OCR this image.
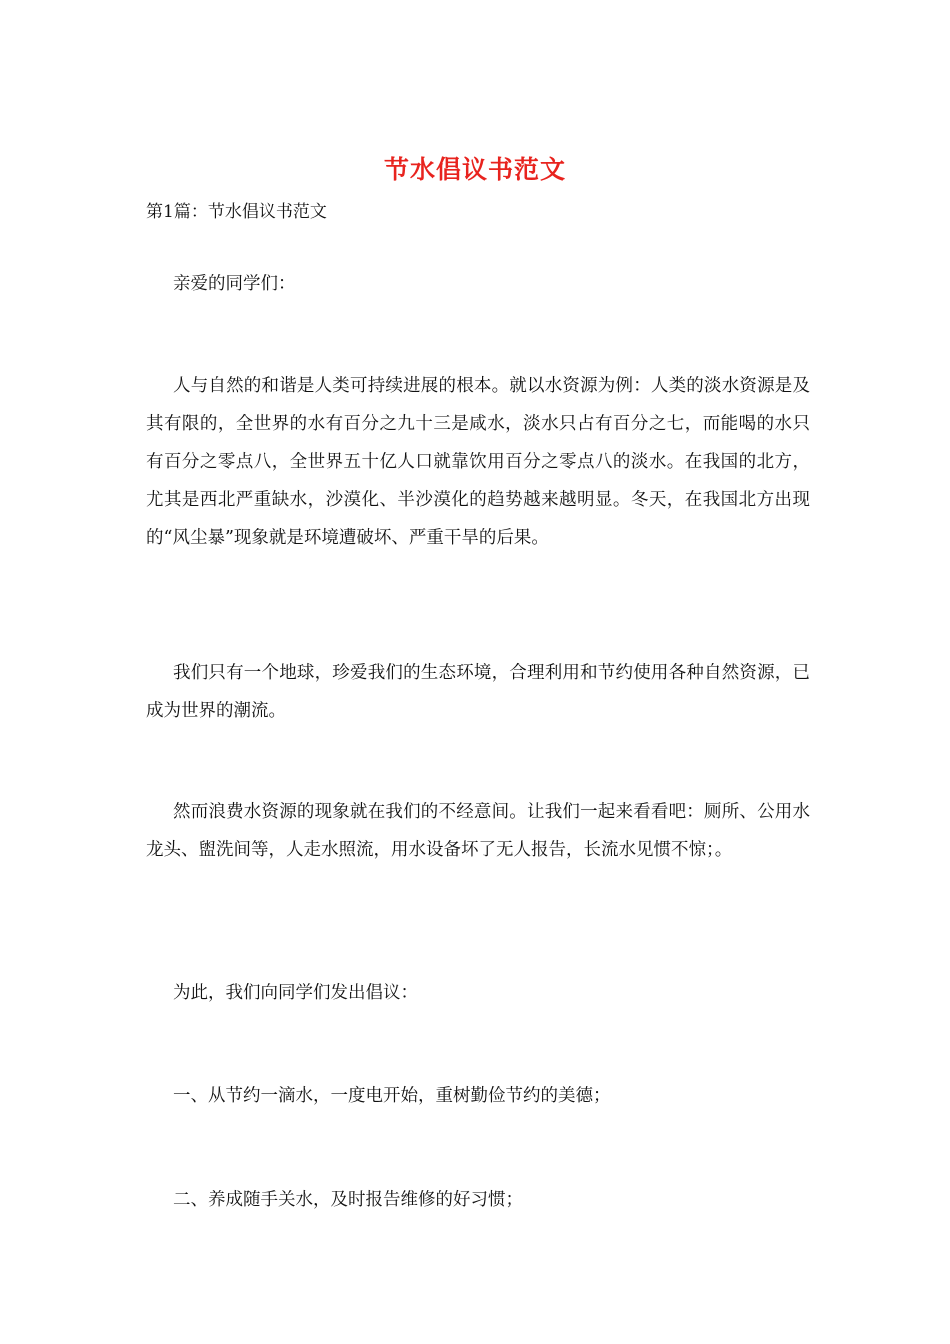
节水倡议书范文
第1篇：节水倡议书范文

亲爱的同学们：

人与自然的和谐是人类可持续进展的根本。就以水资源为例：人类的淡水资源是及其有限的，全世界的水有百分之九十三是咸水，淡水只占有百分之七，而能喝的水只有百分之零点八，全世界五十亿人口就靠饮用百分之零点八的淡水。在我国的北方，尤其是西北严重缺水，沙漠化、半沙漠化的趋势越来越明显。冬天，在我国北方出现的“风尘暴”现象就是环境遭破坏、严重干旱的后果。

我们只有一个地球，珍爱我们的生态环境，合理利用和节约使用各种自然资源，已成为世界的潮流。

然而浪费水资源的现象就在我们的不经意间。让我们一起来看看吧：厕所、公用水龙头、盥洗间等，人走水照流，用水设备坏了无人报告，长流水见惯不惊；。

为此，我们向同学们发出倡议：

一、从节约一滴水，一度电开始，重树勤俭节约的美德；

二、养成随手关水，及时报告维修的好习惯；
